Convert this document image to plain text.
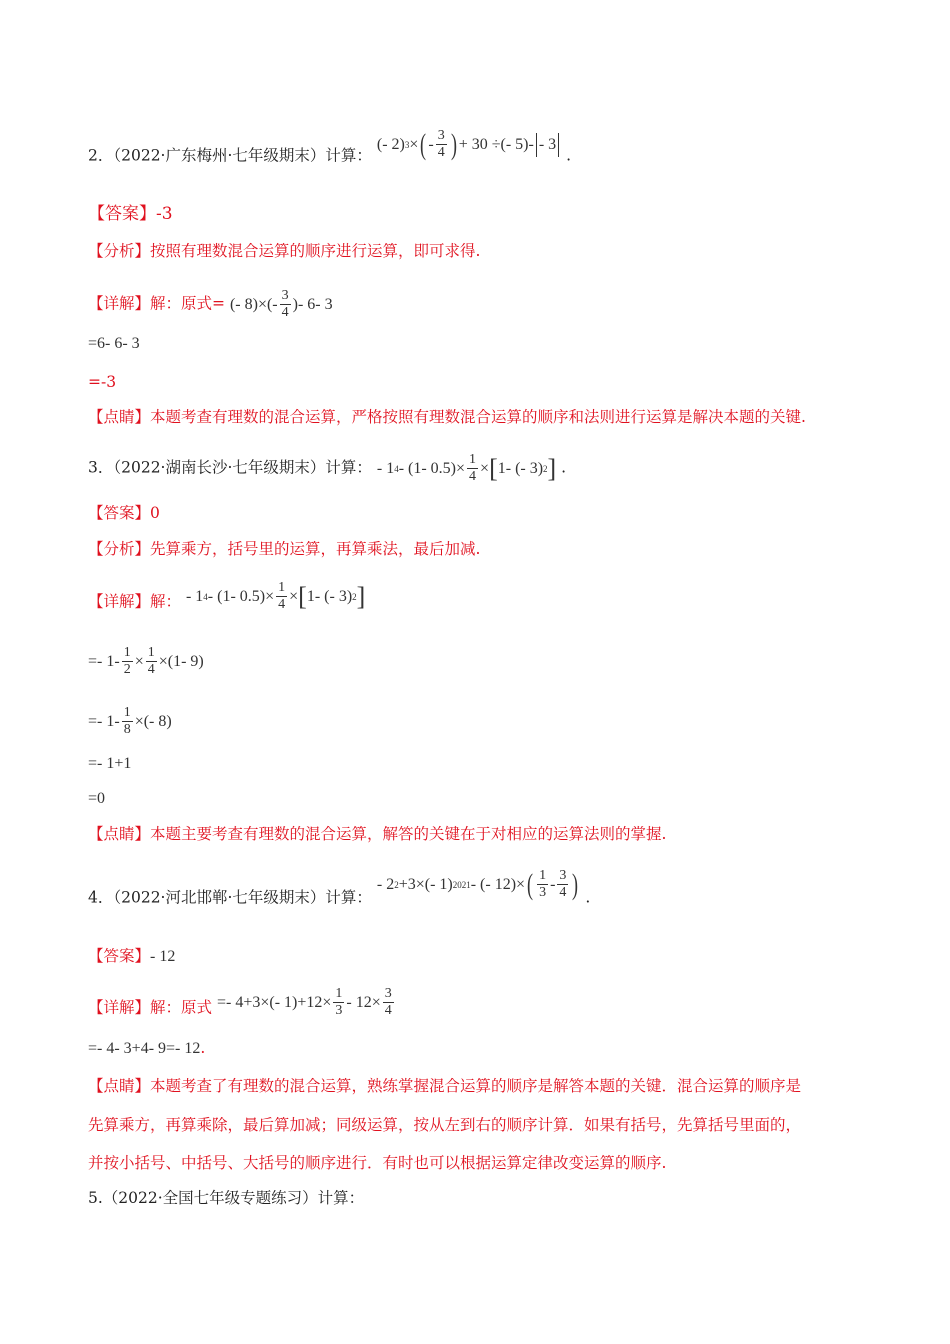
2．（2022·广东梅州·七年级期末）计算：
(- 2) 3 × ( - $\frac{3}{4}$ ) + 30 ÷(- 5)- - 3
.
【答案】-3
【分析】按照有理数混合运算的顺序进行运算，即可求得.
【详解】解：原式= (- $8)\times(- \frac{3}{4}$ )- 6- 3
=6- 6- 3
=-3
【点睛】本题考查有理数的混合运算，严格按照有理数混合运算的顺序和法则进行运算是解决本题的关键.
3．（2022·湖南长沙·七年级期末）计算： - 1 4 - (1- $0.5)\times \frac{1}{4}$ × [ 1- (- 3) 2 ] .
【答案】0
【分析】先算乘方，括号里的运算，再算乘法，最后加减.
【详解】解： - 1 4 - (1- $0.5)\times \frac{1}{4}$ × [ 1- (- 3) 2 ]
=- $1- \frac{1}{2} \times \frac{1}{4} \times(1-$ 9)
=- $1- \frac{1}{8}$ ×(- 8)
=- 1+1
=0
【点睛】本题主要考查有理数的混合运算，解答的关键在于对相应的运算法则的掌握.
4．（2022·河北邯郸·七年级期末）计算：
- 2 2 +3×(- 1) 2021 - (- 12)× ( $\frac{1}{3} - \frac{3}{4}$ ) .
【答案】- 12
【详解】解：原式 =- 4+3×(- $1)+12\times \frac{1}{3} - 12\times \frac{3}{4}$
=- 4- 3+4- 9=- 12.
【点睛】本题考查了有理数的混合运算，熟练掌握混合运算的顺序是解答本题的关键．混合运算的顺序是
先算乘方，再算乘除，最后算加减；同级运算，按从左到右的顺序计算．如果有括号，先算括号里面的，
并按小括号、中括号、大括号的顺序进行．有时也可以根据运算定律改变运算的顺序.
5.（2022·全国七年级专题练习）计算：
